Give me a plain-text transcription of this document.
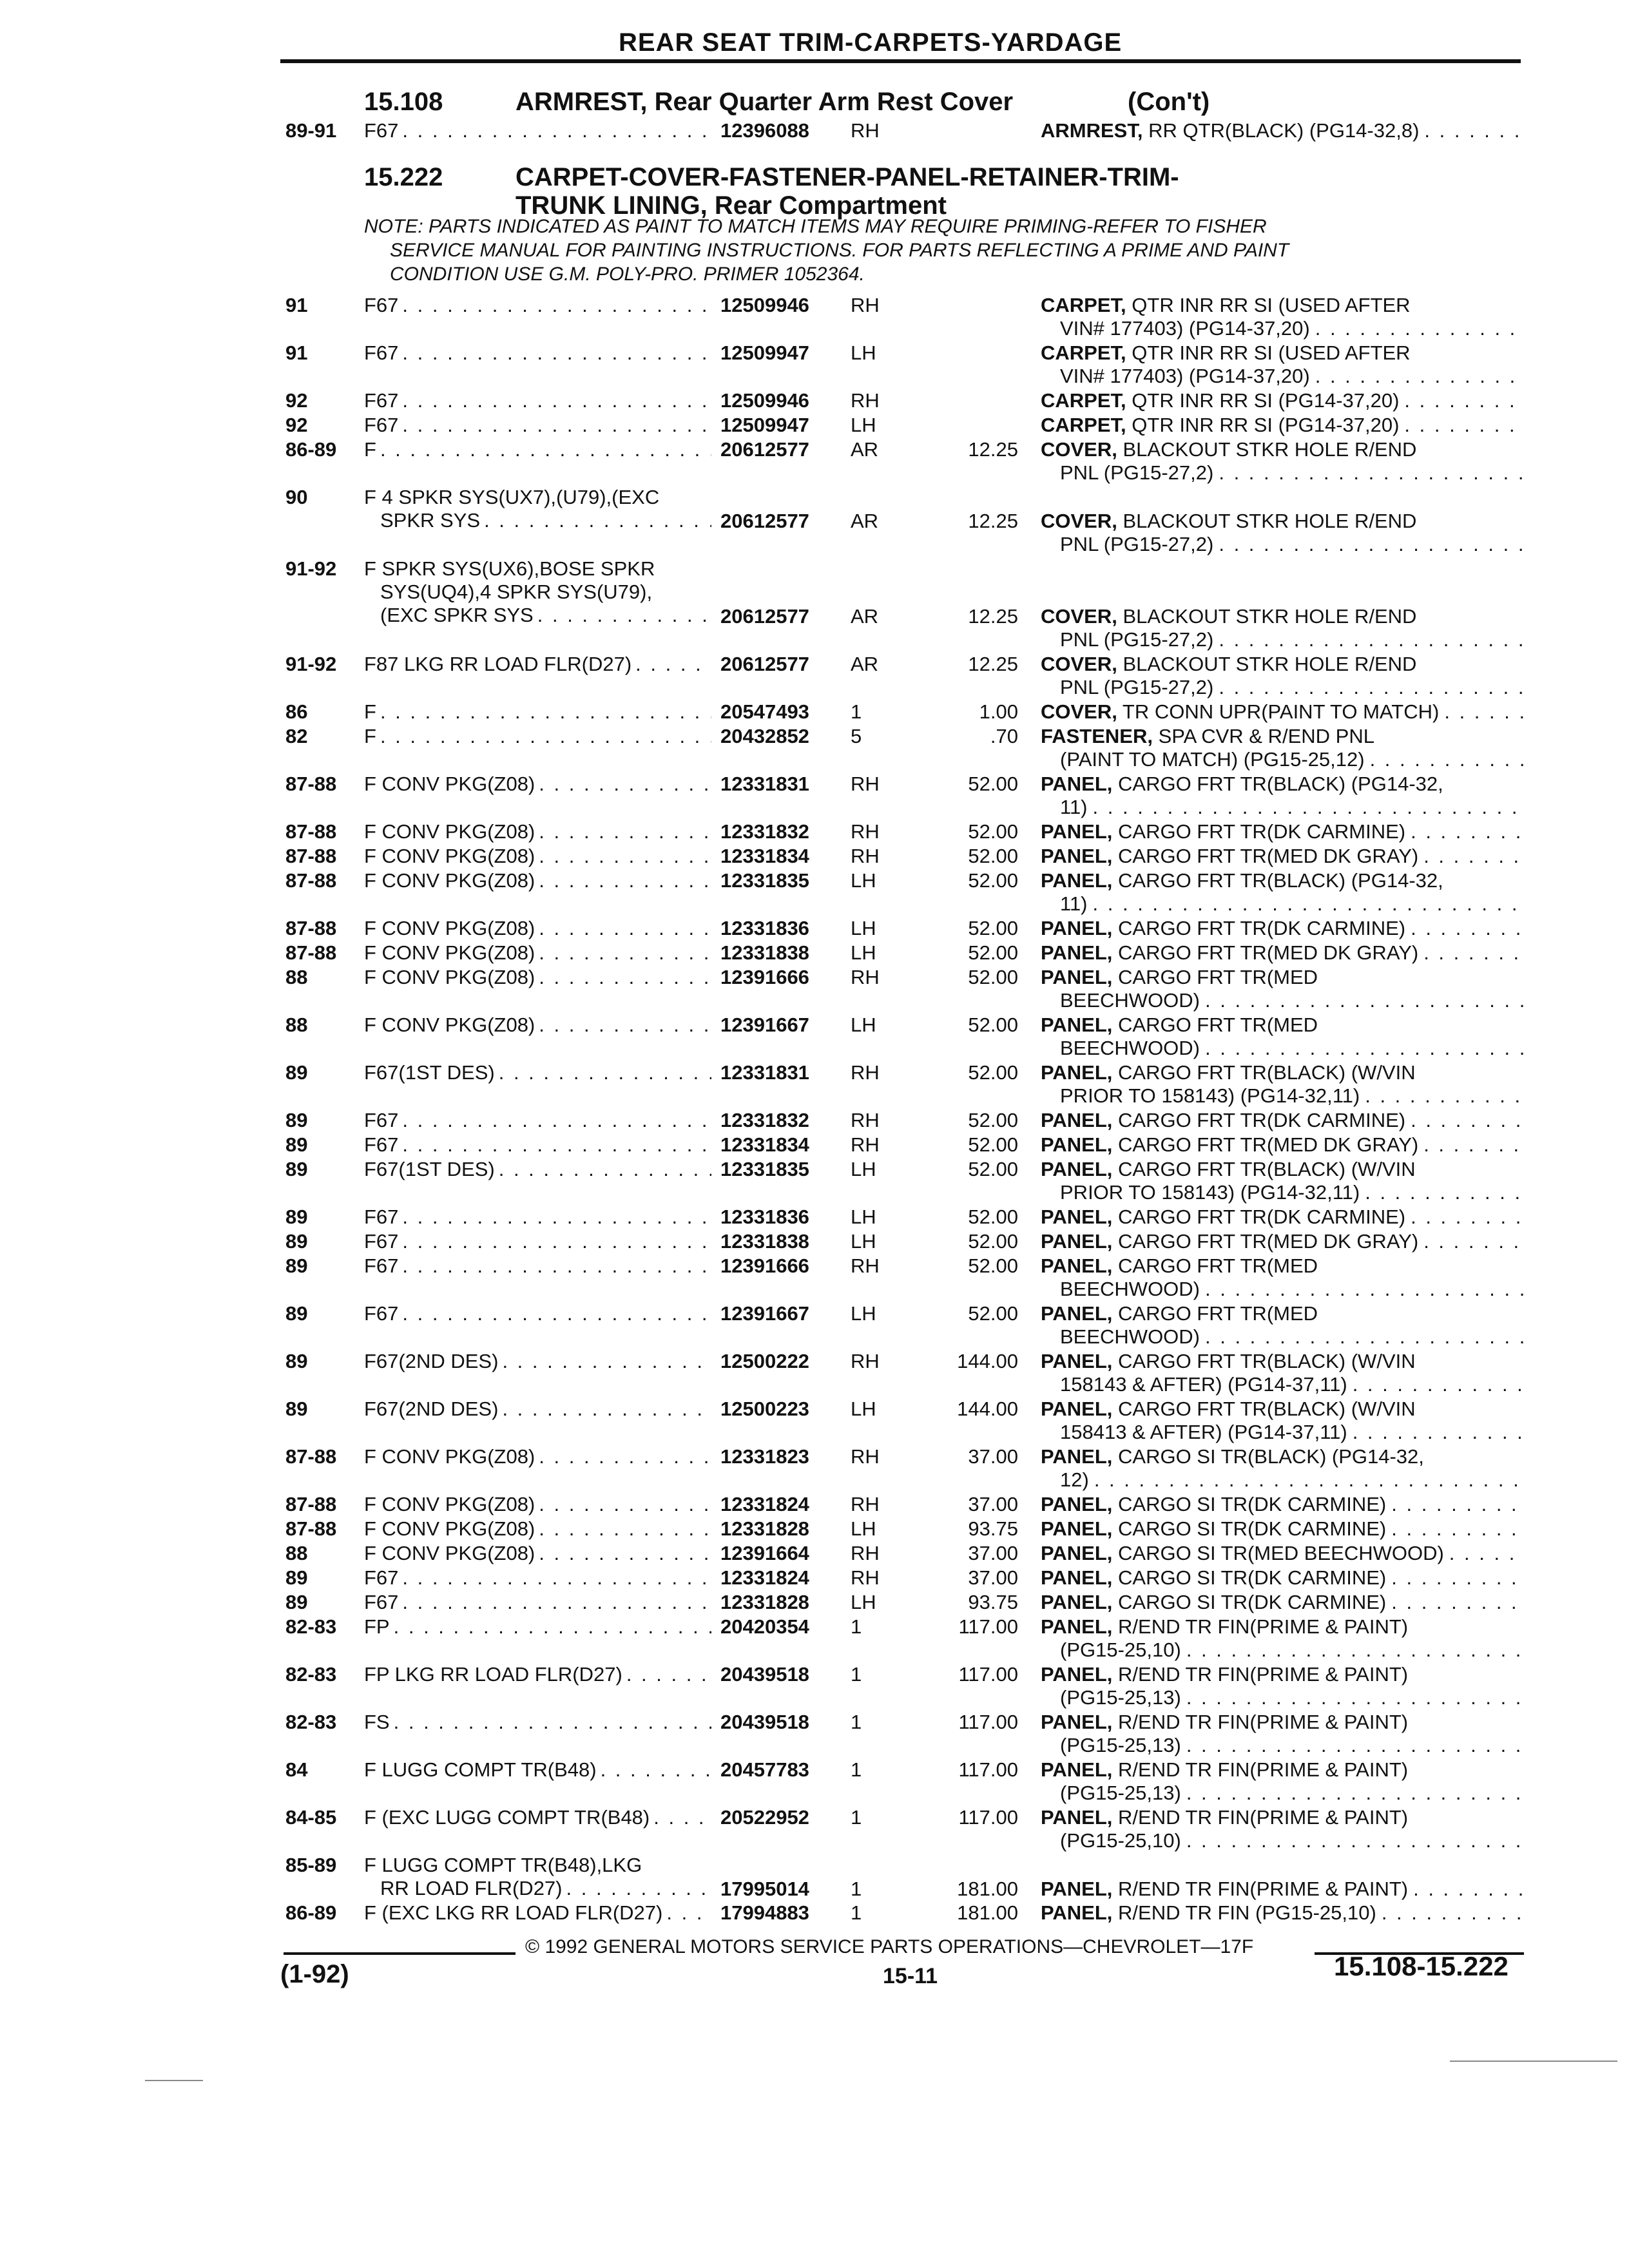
REAR SEAT TRIM-CARPETS-YARDAGE
15.108	ARMREST, Rear Quarter Arm Rest Cover	(Con't)
15.222	CARPET-COVER-FASTENER-PANEL-RETAINER-TRIM-
TRUNK LINING, Rear Compartment
NOTE: PARTS INDICATED AS PAINT TO MATCH ITEMS MAY REQUIRE PRIMING-REFER TO FISHER
SERVICE MANUAL FOR PAINTING INSTRUCTIONS. FOR PARTS REFLECTING A PRIME AND PAINT
CONDITION USE G.M. POLY-PRO. PRIMER 1052364.
89-91 F67 . . .	12396088 RH	ARMREST, RR QTR(BLACK) (PG14-32,8)
. . .
91	F67 . . .	12509946 RH	CARPET, QTR INR RR SI (USED AFTER
VIN# 177403) (PG14-37,20)
. . .
91	F67 . . .	12509947 LH	CARPET, QTR INR RR SI (USED AFTER
VIN# 177403) (PG14-37,20)
. . .
92	F67 . . .	12509946 RH	CARPET, QTR INR RR SI (PG14-37,20)
. . .
92	F67 . . .	12509947 LH	CARPET, QTR INR RR SI (PG14-37,20)
. . .
86-89 F . . .	20612577 AR	12.25 COVER, BLACKOUT STKR HOLE R/END
PNL (PG15-27,2)
. . .
90	F 4 SPKR SYS(UX7),(U79),(EXC
SPKR SYS . . .	20612577 AR	12.25 COVER, BLACKOUT STKR HOLE R/END
PNL (PG15-27,2)
. . .
91-92 F SPKR SYS(UX6),BOSE SPKR
SYS(UQ4),4 SPKR SYS(U79),
(EXC SPKR SYS . . .	20612577 AR	12.25 COVER, BLACKOUT STKR HOLE R/END
PNL (PG15-27,2)
. . .
91-92 F87 LKG RR LOAD FLR(D27) . . .	20612577 AR	12.25 COVER, BLACKOUT STKR HOLE R/END
PNL (PG15-27,2)
. . .
86	F . . .	20547493 1	1.00 COVER, TR CONN UPR(PAINT TO MATCH)
. . .
82	F . . .	20432852 5	.70 FASTENER, SPA CVR & R/END PNL
(PAINT TO MATCH) (PG15-25,12)
. . .
87-88 F CONV PKG(Z08) . . .	12331831 RH	52.00 PANEL, CARGO FRT TR(BLACK) (PG14-32,
11)
. . .
87-88 F CONV PKG(Z08) . . .	12331832 RH	52.00 PANEL, CARGO FRT TR(DK CARMINE)
. . .
87-88 F CONV PKG(Z08) . . .	12331834 RH	52.00 PANEL, CARGO FRT TR(MED DK GRAY)
. . .
87-88 F CONV PKG(Z08) . . .	12331835 LH	52.00 PANEL, CARGO FRT TR(BLACK) (PG14-32,
11)
. . .
87-88 F CONV PKG(Z08) . . .	12331836 LH	52.00 PANEL, CARGO FRT TR(DK CARMINE)
. . .
87-88 F CONV PKG(Z08) . . .	12331838 LH	52.00 PANEL, CARGO FRT TR(MED DK GRAY)
. . .
88	F CONV PKG(Z08) . . .	12391666 RH	52.00 PANEL, CARGO FRT TR(MED
BEECHWOOD)
. . .
88	F CONV PKG(Z08) . . .	12391667 LH	52.00 PANEL, CARGO FRT TR(MED
BEECHWOOD)
. . .
89	F67(1ST DES) . . .	12331831 RH	52.00 PANEL, CARGO FRT TR(BLACK) (W/VIN
PRIOR TO 158143) (PG14-32,11)
. . .
89	F67 . . .	12331832 RH	52.00 PANEL, CARGO FRT TR(DK CARMINE)
. . .
89	F67 . . .	12331834 RH	52.00 PANEL, CARGO FRT TR(MED DK GRAY)
. . .
89	F67(1ST DES) . . .	12331835 LH	52.00 PANEL, CARGO FRT TR(BLACK) (W/VIN
PRIOR TO 158143) (PG14-32,11)
. . .
89	F67 . . .	12331836 LH	52.00 PANEL, CARGO FRT TR(DK CARMINE)
. . .
89	F67 . . .	12331838 LH	52.00 PANEL, CARGO FRT TR(MED DK GRAY)
. . .
89	F67 . . .	12391666 RH	52.00 PANEL, CARGO FRT TR(MED
BEECHWOOD)
. . .
89	F67 . . .	12391667 LH	52.00 PANEL, CARGO FRT TR(MED
BEECHWOOD)
. . .
89	F67(2ND DES) . . .	12500222 RH	144.00 PANEL, CARGO FRT TR(BLACK) (W/VIN
158143 & AFTER) (PG14-37,11)
. . .
89	F67(2ND DES) . . .	12500223 LH	144.00 PANEL, CARGO FRT TR(BLACK) (W/VIN
158413 & AFTER) (PG14-37,11)
. . .
87-88 F CONV PKG(Z08) . . .	12331823 RH	37.00 PANEL, CARGO SI TR(BLACK) (PG14-32,
12)
. . .
87-88 F CONV PKG(Z08) . . .	12331824 RH	37.00 PANEL, CARGO SI TR(DK CARMINE)
. . .
87-88 F CONV PKG(Z08) . . .	12331828 LH	93.75 PANEL, CARGO SI TR(DK CARMINE)
. . .
88	F CONV PKG(Z08) . . .	12391664 RH	37.00 PANEL, CARGO SI TR(MED BEECHWOOD)
. . .
89	F67 . . .	12331824 RH	37.00 PANEL, CARGO SI TR(DK CARMINE)
. . .
89	F67 . . .	12331828 LH	93.75 PANEL, CARGO SI TR(DK CARMINE)
. . .
82-83 FP . . .	20420354 1	117.00 PANEL, R/END TR FIN(PRIME & PAINT)
(PG15-25,10)
. . .
82-83 FP LKG RR LOAD FLR(D27) . . .	20439518 1	117.00 PANEL, R/END TR FIN(PRIME & PAINT)
(PG15-25,13)
. . .
82-83 FS . . .	20439518 1	117.00 PANEL, R/END TR FIN(PRIME & PAINT)
(PG15-25,13)
. . .
84	F LUGG COMPT TR(B48) . . .	20457783 1	117.00 PANEL, R/END TR FIN(PRIME & PAINT)
(PG15-25,13)
. . .
84-85 F (EXC LUGG COMPT TR(B48) . . .	20522952 1	117.00 PANEL, R/END TR FIN(PRIME & PAINT)
(PG15-25,10)
. . .
85-89 F LUGG COMPT TR(B48),LKG
RR LOAD FLR(D27) . . .	17995014 1	181.00 PANEL, R/END TR FIN(PRIME & PAINT)
. . .
86-89 F (EXC LKG RR LOAD FLR(D27) . . .	17994883 1	181.00 PANEL, R/END TR FIN (PG15-25,10)
. . .
© 1992 GENERAL MOTORS SERVICE PARTS OPERATIONS—CHEVROLET—17F
(1-92)	15-11	15.108-15.222
